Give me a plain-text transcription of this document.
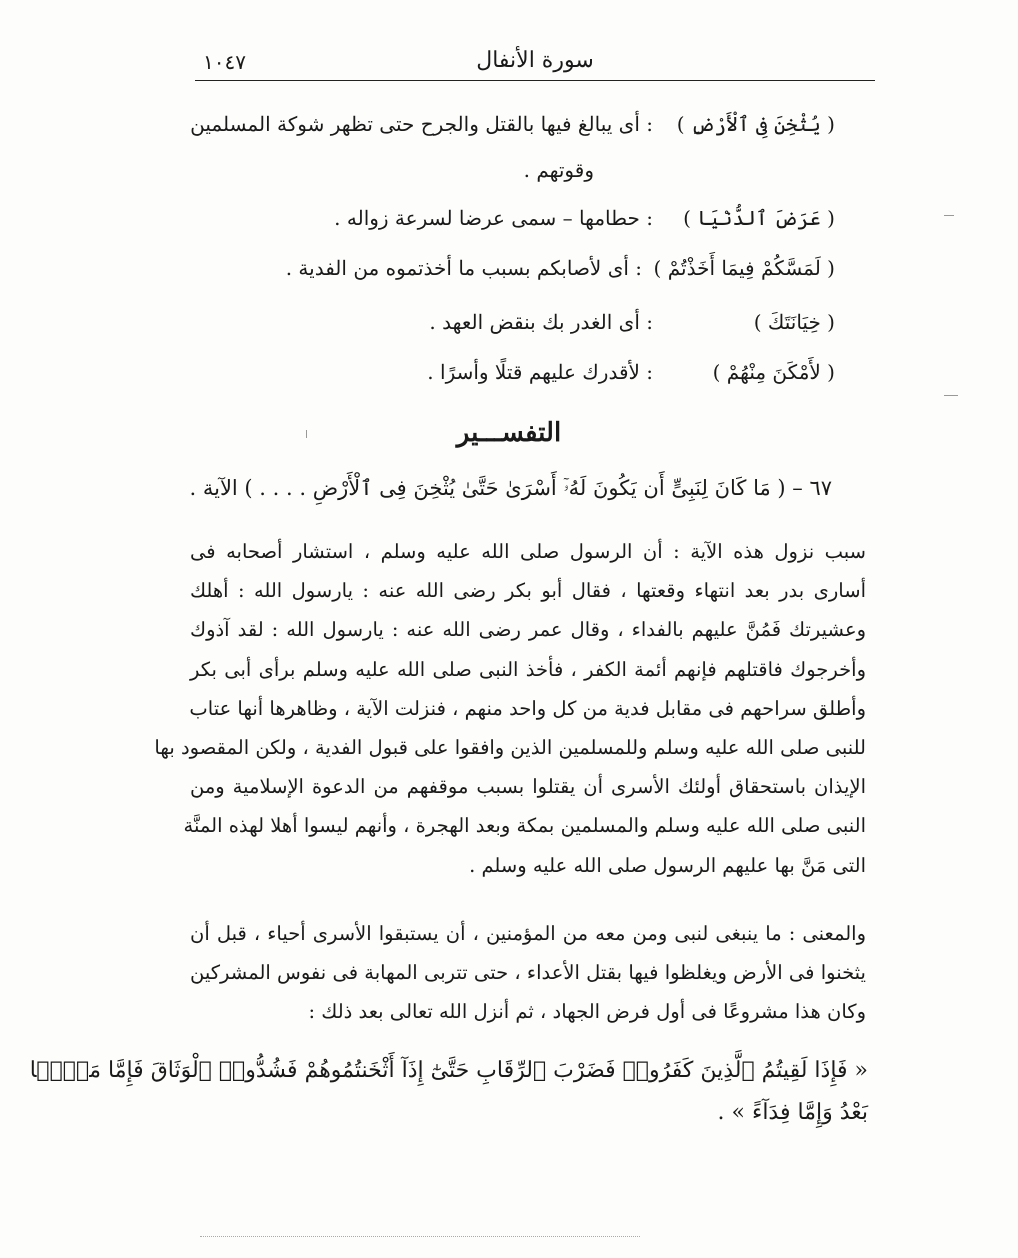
١٠٤٧	سورة الأنفال
( يُثْخِنَ فِى ٱلْأَرْضِ )
: أى يبالغ فيها بالقتل والجرح حتى تظهر شوكة المسلمين
وقوتهم .
( عَرَضَ ٱلدُّنْيَا )
: حطامها – سمى عرضا لسرعة زواله .
( لَمَسَّكُمْ فِيمَا أَخَذْتُمْ )
: أى لأصابكم بسبب ما أخذتموه من الفدية .
( خِيَانَتَكَ )
: أى الغدر بك بنقض العهد .
( لأَمْكَنَ مِنْهُمْ )
: لأقدرك عليهم قتلًا وأسرًا .
التفســـير
٦٧ – ( مَا كَانَ لِنَبِىٍّ أَن يَكُونَ لَهُۥٓ أَسْرَىٰ حَتَّىٰ يُثْخِنَ فِى ٱلْأَرْضِ . . . . ) الآية .
سبب نزول هذه الآية : أن الرسول صلى الله عليه وسلم ، استشار أصحابه فى
أسارى بدر بعد انتهاء وقعتها ، فقال أبو بكر رضى الله عنه : يارسول الله : أهلك
وعشيرتك فَمُنَّ عليهم بالفداء ، وقال عمر رضى الله عنه : يارسول الله : لقد آذوك
وأخرجوك فاقتلهم فإنهم أئمة الكفر ، فأخذ النبى صلى الله عليه وسلم برأى أبى بكر
وأطلق سراحهم فى مقابل فدية من كل واحد منهم ، فنزلت الآية ، وظاهرها أنها عتاب
للنبى صلى الله عليه وسلم وللمسلمين الذين وافقوا على قبول الفدية ، ولكن المقصود بها
الإيذان باستحقاق أولئك الأسرى أن يقتلوا بسبب موقفهم من الدعوة الإسلامية ومن
النبى صلى الله عليه وسلم والمسلمين بمكة وبعد الهجرة ، وأنهم ليسوا أهلا لهذه المنَّة
التى مَنَّ بها عليهم الرسول صلى الله عليه وسلم .
والمعنى : ما ينبغى لنبى ومن معه من المؤمنين ، أن يستبقوا الأسرى أحياء ، قبل أن
يثخنوا فى الأرض ويغلظوا فيها بقتل الأعداء ، حتى تتربى المهابة فى نفوس المشركين
وكان هذا مشروعًا فى أول فرض الجهاد ، ثم أنزل الله تعالى بعد ذلك :
« فَإِذَا لَقِيتُمُ ٱلَّذِينَ كَفَرُوا۟ فَضَرْبَ ٱلرِّقَابِ حَتَّىٰٓ إِذَآ أَثْخَنتُمُوهُمْ فَشُدُّوا۟ ٱلْوَثَاقَ فَإِمَّا مَنًّۢا
بَعْدُ وَإِمَّا فِدَآءً » .
